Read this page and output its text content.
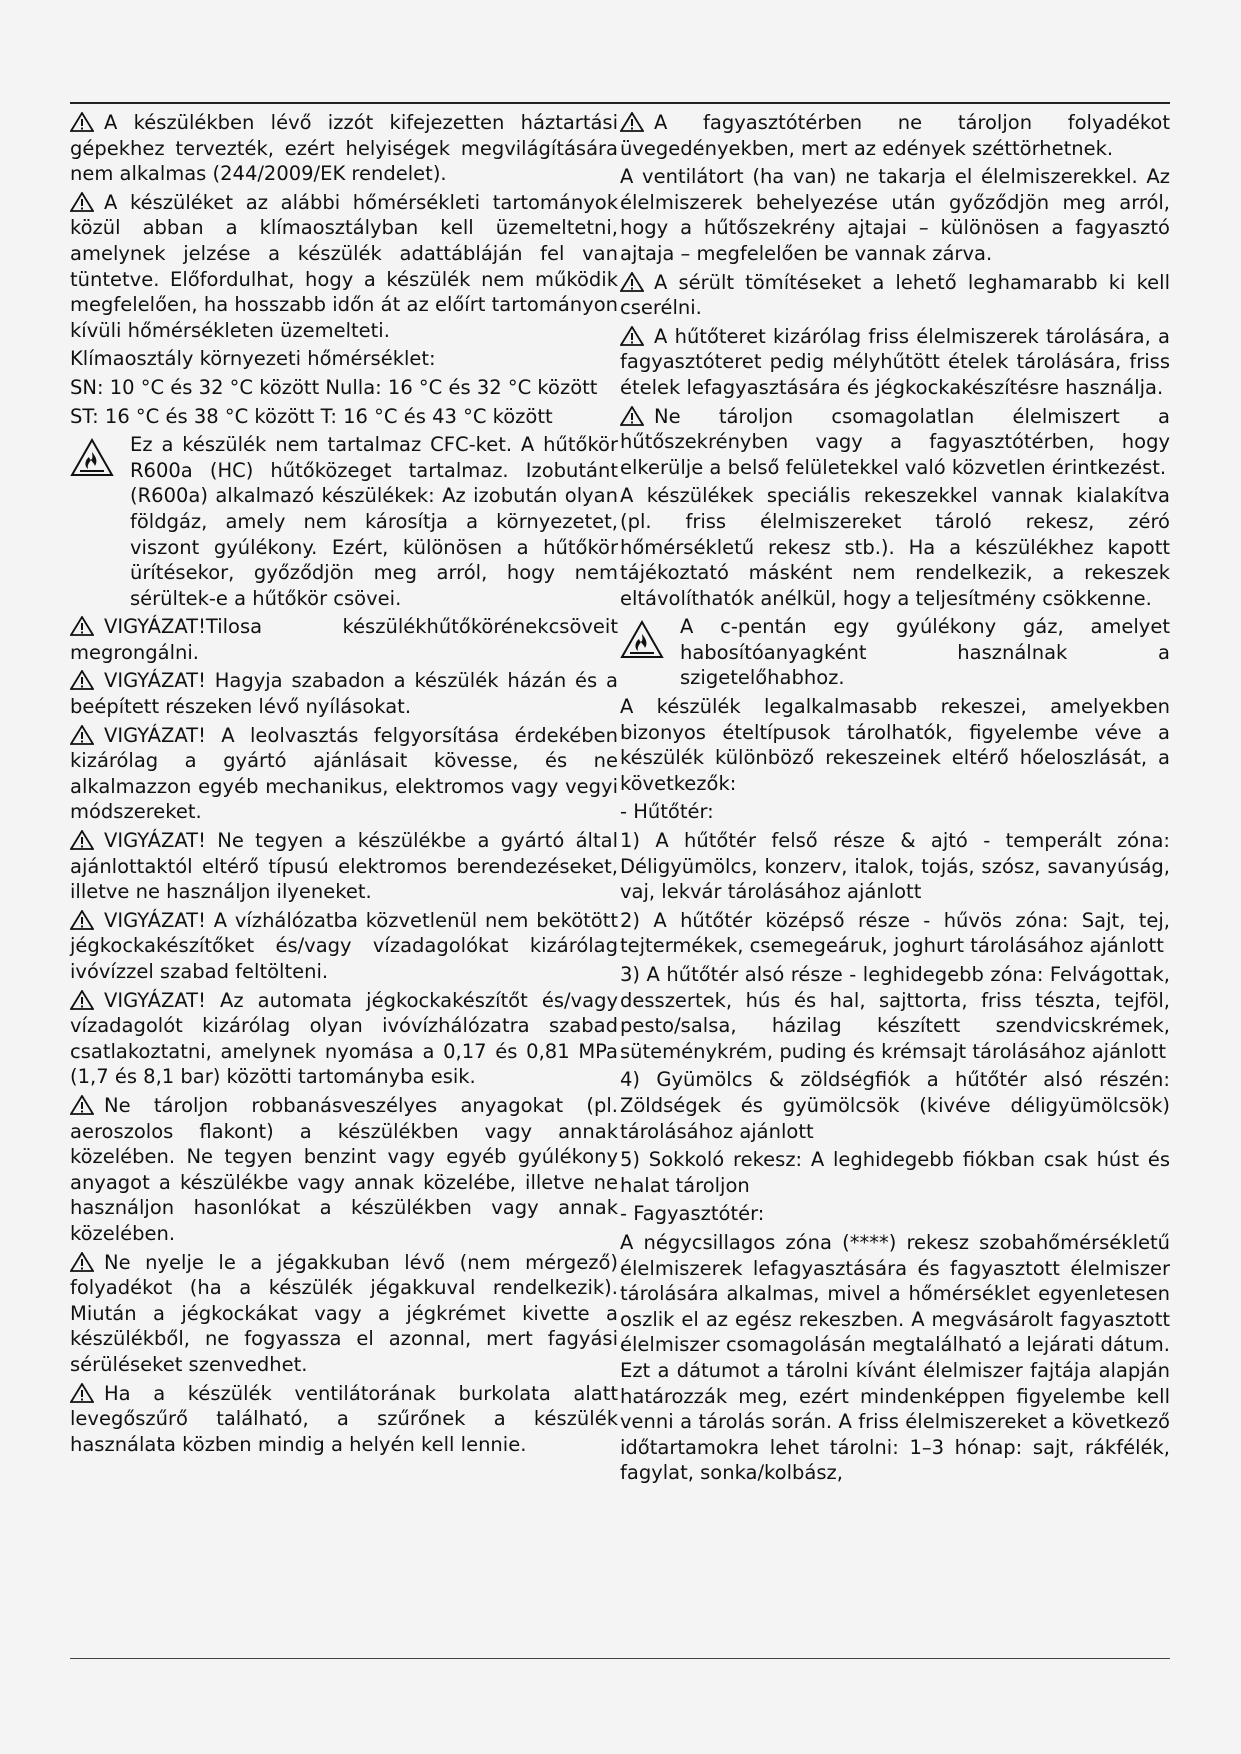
A készülékben lévő izzót kifejezetten háztartási gépekhez tervezték, ezért helyiségek megvilágítására nem alkalmas (244/2009/EK rendelet).

A készüléket az alábbi hőmérsékleti tartományok közül abban a klímaosztályban kell üzemeltetni, amelynek jelzése a készülék adattábláján fel van tüntetve. Előfordulhat, hogy a készülék nem működik megfelelően, ha hosszabb időn át az előírt tartományon kívüli hőmérsékleten üzemelteti.

Klímaosztály környezeti hőmérséklet:

SN: 10 °C és 32 °C között Nulla: 16 °C és 32 °C között

ST: 16 °C és 38 °C között T: 16 °C és 43 °C között

Ez a készülék nem tartalmaz CFC-ket. A hűtőkör R600a (HC) hűtőközeget tartalmaz. Izobutánt (R600a) alkalmazó készülékek: Az izobután olyan földgáz, amely nem károsítja a környezetet, viszont gyúlékony. Ezért, különösen a hűtőkör ürítésekor, győződjön meg arról, hogy nem sérültek-e a hűtőkör csövei.

VIGYÁZAT!Tilosa készülékhűtőkörénekcsöveit megrongálni.

VIGYÁZAT! Hagyja szabadon a készülék házán és a beépített részeken lévő nyílásokat.

VIGYÁZAT! A leolvasztás felgyorsítása érdekében kizárólag a gyártó ajánlásait kövesse, és ne alkalmazzon egyéb mechanikus, elektromos vagy vegyi módszereket.

VIGYÁZAT! Ne tegyen a készülékbe a gyártó által ajánlottaktól eltérő típusú elektromos berendezéseket, illetve ne használjon ilyeneket.

VIGYÁZAT! A vízhálózatba közvetlenül nem bekötött jégkockakészítőket és/vagy vízadagolókat kizárólag ivóvízzel szabad feltölteni.

VIGYÁZAT! Az automata jégkockakészítőt és/vagy vízadagolót kizárólag olyan ivóvízhálózatra szabad csatlakoztatni, amelynek nyomása a 0,17 és 0,81 MPa (1,7 és 8,1 bar) közötti tartományba esik.

Ne tároljon robbanásveszélyes anyagokat (pl. aeroszolos flakont) a készülékben vagy annak közelében. Ne tegyen benzint vagy egyéb gyúlékony anyagot a készülékbe vagy annak közelébe, illetve ne használjon hasonlókat a készülékben vagy annak közelében.

Ne nyelje le a jégakkuban lévő (nem mérgező) folyadékot (ha a készülék jégakkuval rendelkezik). Miután a jégkockákat vagy a jégkrémet kivette a készülékből, ne fogyassza el azonnal, mert fagyási sérüléseket szenvedhet.

Ha a készülék ventilátorának burkolata alatt levegőszűrő található, a szűrőnek a készülék használata közben mindig a helyén kell lennie.

A fagyasztótérben ne tároljon folyadékot üvegedényekben, mert az edények szétt​örhetnek.

A ventilátort (ha van) ne takarja el élelmiszerekkel. Az élelmiszerek behelyezése után győződjön meg arról, hogy a hűtőszekrény ajtajai – különösen a fagyasztó ajtaja – megfelelően be vannak zárva.

A sérült tömítéseket a lehető leghamarabb ki kell cserélni.

A hűtőteret kizárólag friss élelmiszerek tárolására, a fagyasztóteret pedig mélyhűtött ételek tárolására, friss ételek lefagyasztására és jégkockakészítésre használja.

Ne tároljon csomagolatlan élelmiszert a hűtőszekrényben vagy a fagyasztótérben, hogy elkerülje a belső felületekkel való közvetlen érintkezést.

A készülékek speciális rekeszekkel vannak kialakítva (pl. friss élelmiszereket tároló rekesz, zéró hőmérsékletű rekesz stb.). Ha a készülékhez kapott tájékoztató másként nem rendelkezik, a rekeszek eltávolíthatók anélkül, hogy a teljesítmény csökkenne.

A c-pentán egy gyúlékony gáz, amelyet habosítóanyagként használnak a szigetelőhabhoz.

A készülék legalkalmasabb rekeszei, amelyekben bizonyos ételtípusok tárolhatók, figyelembe véve a készülék különböző rekeszeinek eltérő hőeloszlását, a következők:

- Hűtőtér:

1) A hűtőtér felső része & ajtó - temperált zóna: Déligyümölcs, konzerv, italok, tojás, szósz, savanyúság, vaj, lekvár tárolásához ajánlott

2) A hűtőtér középső része - hűvös zóna: Sajt, tej, tejtermékek, csemegeáruk, joghurt tárolásához ajánlott

3) A hűtőtér alsó része - leghidegebb zóna: Felvágottak, desszertek, hús és hal, sajttorta, friss tészta, tejföl, pesto/salsa, házilag készített szendvicskrémek, süteménykrém, puding és krémsajt tárolásához ajánlott

4) Gyümölcs & zöldségfiók a hűtőtér alsó részén: Zöldségek és gyümölcsök (kivéve déligyümölcsök) tárolásához ajánlott

5) Sokkoló rekesz: A leghidegebb fiókban csak húst és halat tároljon

- Fagyasztótér:

A négycsillagos zóna (****) rekesz szobahőmérsékletű élelmiszerek lefagyasztására és fagyasztott élelmiszer tárolására alkalmas, mivel a hőmérséklet egyenletesen oszlik el az egész rekeszben. A megvásárolt fagyasztott élelmiszer csomagolásán megtalálható a lejárati dátum. Ezt a dátumot a tárolni kívánt élelmiszer fajtája alapján határozzák meg, ezért mindenképpen figyelembe kell venni a tárolás során. A friss élelmiszereket a következő időtartamokra lehet tárolni: 1–3 hónap: sajt, rákfélék, fagylat, sonka/kolbász,
